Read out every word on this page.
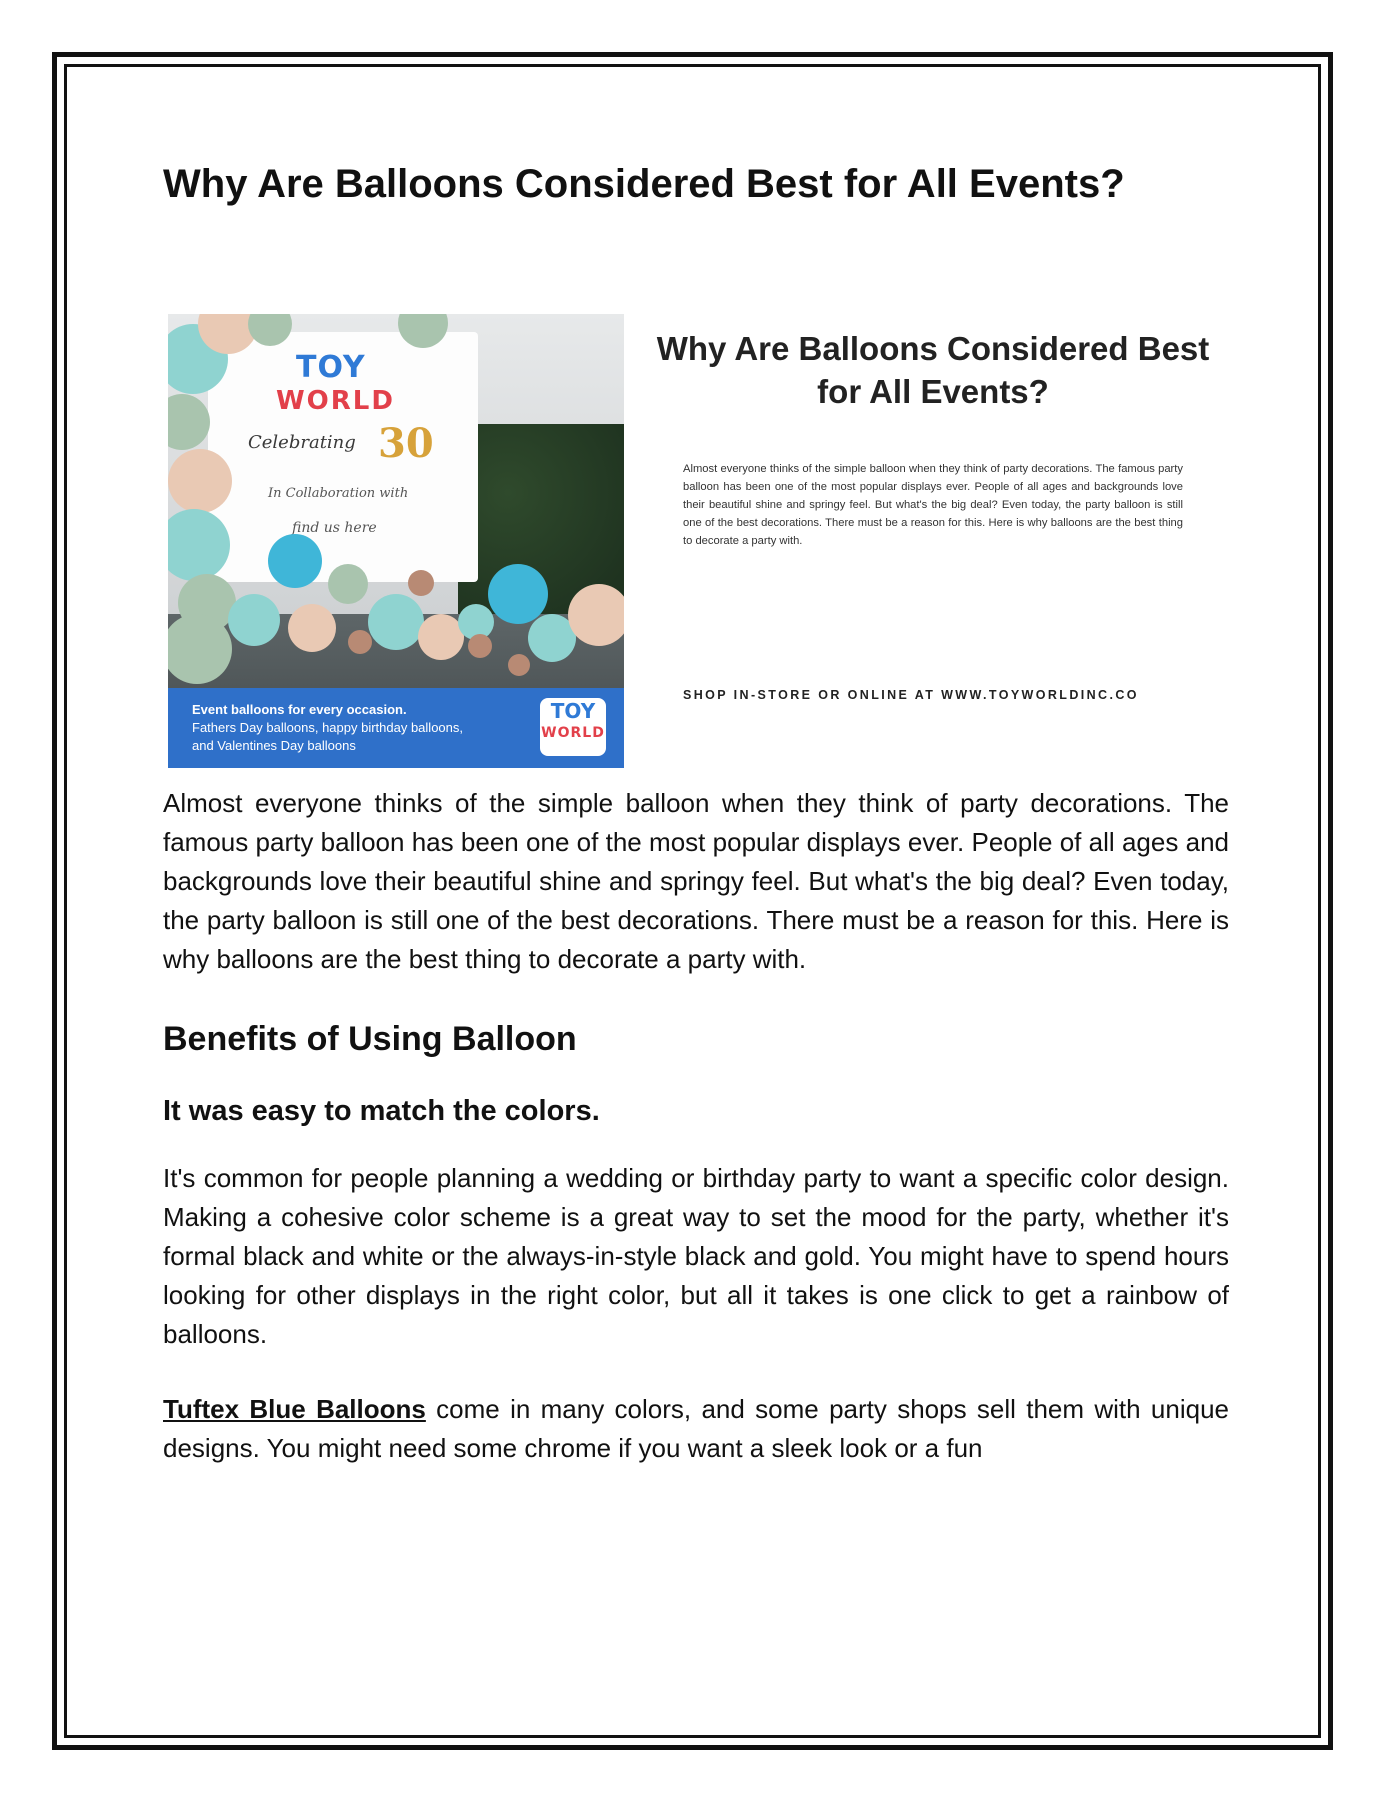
Why Are Balloons Considered Best for All Events?
TOY
WORLD
Celebrating 30
In Collaboration with
find us here
Event balloons for every occasion.
Fathers Day balloons, happy birthday balloons,
and Valentines Day balloons
TOY
WORLD
Why Are Balloons Considered Best for All Events?
Almost everyone thinks of the simple balloon when they think of party decorations. The famous party balloon has been one of the most popular displays ever. People of all ages and backgrounds love their beautiful shine and springy feel. But what's the big deal? Even today, the party balloon is still one of the best decorations. There must be a reason for this. Here is why balloons are the best thing to decorate a party with.
SHOP IN-STORE OR ONLINE AT WWW.TOYWORLDINC.CO

Almost everyone thinks of the simple balloon when they think of party decorations. The famous party balloon has been one of the most popular displays ever. People of all ages and backgrounds love their beautiful shine and springy feel. But what's the big deal? Even today, the party balloon is still one of the best decorations. There must be a reason for this. Here is why balloons are the best thing to decorate a party with.

Benefits of Using Balloon
It was easy to match the colors.

It's common for people planning a wedding or birthday party to want a specific color design. Making a cohesive color scheme is a great way to set the mood for the party, whether it's formal black and white or the always-in-style black and gold. You might have to spend hours looking for other displays in the right color, but all it takes is one click to get a rainbow of balloons.

Tuftex Blue Balloons come in many colors, and some party shops sell them with unique designs. You might need some chrome if you want a sleek look or a fun
